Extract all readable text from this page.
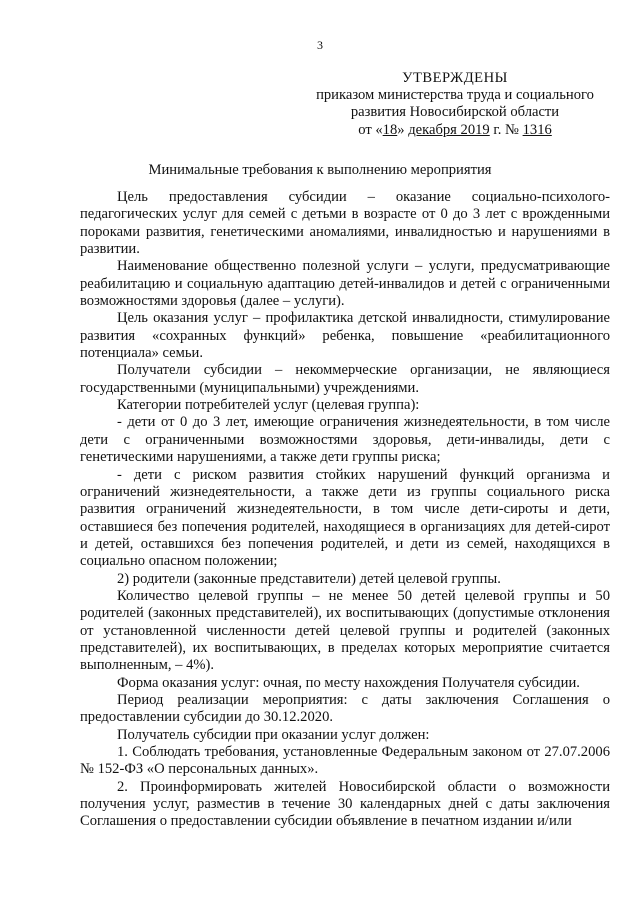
3
УТВЕРЖДЕНЫ
приказом министерства труда и социального
развития Новосибирской области
от «18» декабря 2019 г. № 1316
Минимальные требования к выполнению мероприятия

Цель предоставления субсидии – оказание социально-психолого-педагогических услуг для семей с детьми в возрасте от 0 до 3 лет с врожденными пороками развития, генетическими аномалиями, инвалидностью и нарушениями в развитии.

Наименование общественно полезной услуги – услуги, предусматривающие реабилитацию и социальную адаптацию детей-инвалидов и детей с ограниченными возможностями здоровья (далее – услуги).

Цель оказания услуг – профилактика детской инвалидности, стимулирование развития «сохранных функций» ребенка, повышение «реабилитационного потенциала» семьи.

Получатели субсидии – некоммерческие организации, не являющиеся государственными (муниципальными) учреждениями.

Категории потребителей услуг (целевая группа):

- дети от 0 до 3 лет, имеющие ограничения жизнедеятельности, в том числе дети с ограниченными возможностями здоровья, дети-инвалиды, дети с генетическими нарушениями, а также дети группы риска;

- дети с риском развития стойких нарушений функций организма и ограничений жизнедеятельности, а также дети из группы социального риска развития ограничений жизнедеятельности, в том числе дети-сироты и дети, оставшиеся без попечения родителей, находящиеся в организациях для детей-сирот и детей, оставшихся без попечения родителей, и дети из семей, находящихся в социально опасном положении;

2) родители (законные представители) детей целевой группы.

Количество целевой группы – не менее 50 детей целевой группы и 50 родителей (законных представителей), их воспитывающих (допустимые отклонения от установленной численности детей целевой группы и родителей (законных представителей), их воспитывающих, в пределах которых мероприятие считается выполненным, – 4%).

Форма оказания услуг: очная, по месту нахождения Получателя субсидии.

Период реализации мероприятия: с даты заключения Соглашения о предоставлении субсидии до 30.12.2020.

Получатель субсидии при оказании услуг должен:

1. Соблюдать требования, установленные Федеральным законом от 27.07.2006 № 152-ФЗ «О персональных данных».

2. Проинформировать жителей Новосибирской области о возможности получения услуг, разместив в течение 30 календарных дней с даты заключения Соглашения о предоставлении субсидии объявление в печатном издании и/или
